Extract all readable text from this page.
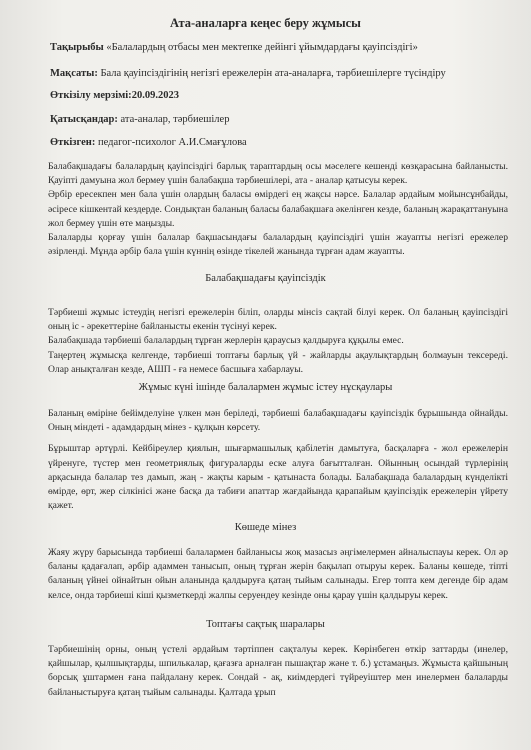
Ата-аналарға кеңес беру жұмысы
Тақырыбы «Балалардың отбасы мен мектепке дейінгі ұйымдардағы қауіпсіздігі»
Мақсаты: Бала қауіпсіздігінің негізгі ережелерін ата-аналарға, тәрбиешілерге түсіндіру
Өткізілу мерзімі:20.09.2023
Қатысқандар: ата-аналар, тәрбиешілер
Өткізген: педагог-психолог А.И.Смағұлова
Балабақшадағы балалардың қауіпсіздігі барлық тараптардың осы мәселеге кешенді көзқарасына байланысты. Қауіпті дамуына жол бермеу үшін балабақша тәрбиешілері, ата - аналар қатысуы керек.
Әрбір ересекпен мен бала үшін олардың баласы өмірдегі ең жақсы нәрсе. Балалар әрдайым мойынсұнбайды, әсіресе кішкентай кездерде. Сондықтан баланың баласы балабақшаға әкелінген кезде, баланың жарақаттануына жол бермеу үшін өте маңызды.
Балаларды қорғау үшін балалар бақшасындағы балалардың қауіпсіздігі үшін жауапты негізгі ережелер әзірленді. Мұнда әрбір бала үшін күннің өзінде тікелей жанында тұрған адам жауапты.
Балабақшадағы қауіпсіздік
Тәрбиеші жұмыс істеудің негізгі ережелерін біліп, оларды мінсіз сақтай білуі керек. Ол баланың қауіпсіздігі оның іс - әрекеттеріне байланысты екенін түсінуі керек.
Балабақшада тәрбиеші балалардың тұрған жерлерін қараусыз қалдыруға құқылы емес.
Таңертең жұмысқа келгенде, тәрбиеші топтағы барлық үй - жайларды ақаулықтардың болмауын тексереді. Олар анықталған кезде, АШП - ға немесе басшыға хабарлауы.
Жұмыс күні ішінде балалармен жұмыс істеу нұсқаулары
Баланың өміріне бейімделуіне үлкен мән беріледі, тәрбиеші балабақшадағы қауіпсіздік бұрышында ойнайды. Оның міндеті - адамдардың мінез - құлқын көрсету.
Бұрыштар әртүрлі. Кейбіреулер қиялын, шығармашылық қабілетін дамытуға, басқаларға - жол ережелерін үйренуге, түстер мен геометриялық фигураларды еске алуға бағытталған. Ойынның осындай түрлерінің арқасында балалар тез дамып, жаң - жақты карым - қатынаста болады. Балабақшада балалардың күнделікті өмірде, өрт, жер сілкінісі және басқа да табиғи апаттар жағдайында қарапайым қауіпсіздік ережелерін үйрету қажет.
Көшеде мінез
Жаяу жүру барысында тәрбиеші балалармен байланысы жоқ мазасыз әңгімелермен айналыспауы керек. Ол әр баланы қадағалап, әрбір адаммен танысып, оның тұрған жерін бақылап отыруы керек. Баланы көшеде, тіпті баланың үйнеі ойнайтын ойын аланында қалдыруға қатаң тыйым салынады. Егер топта кем дегенде бір адам келсе, онда тәрбиеші кіші қызметкерді жалпы серуендеу кезінде оны қарау үшін қалдыруы керек.
Топтағы сақтық шаралары
Тәрбиешінің орны, оның үстелі әрдайым тәртіппен сақталуы керек. Көрінбеген өткір заттарды (инелер, қайшылар, қылшықтарды, шпилькалар, қағазға арналған пышақтар және т. б.) ұстамаңыз. Жұмыста қайшының борсық ұштармен ғана пайдалану керек. Сондай - ақ, киімдердегі түйреуіштер мен инелермен балаларды байланыстыруға қатаң тыйым салынады. Қалтада ұрып
